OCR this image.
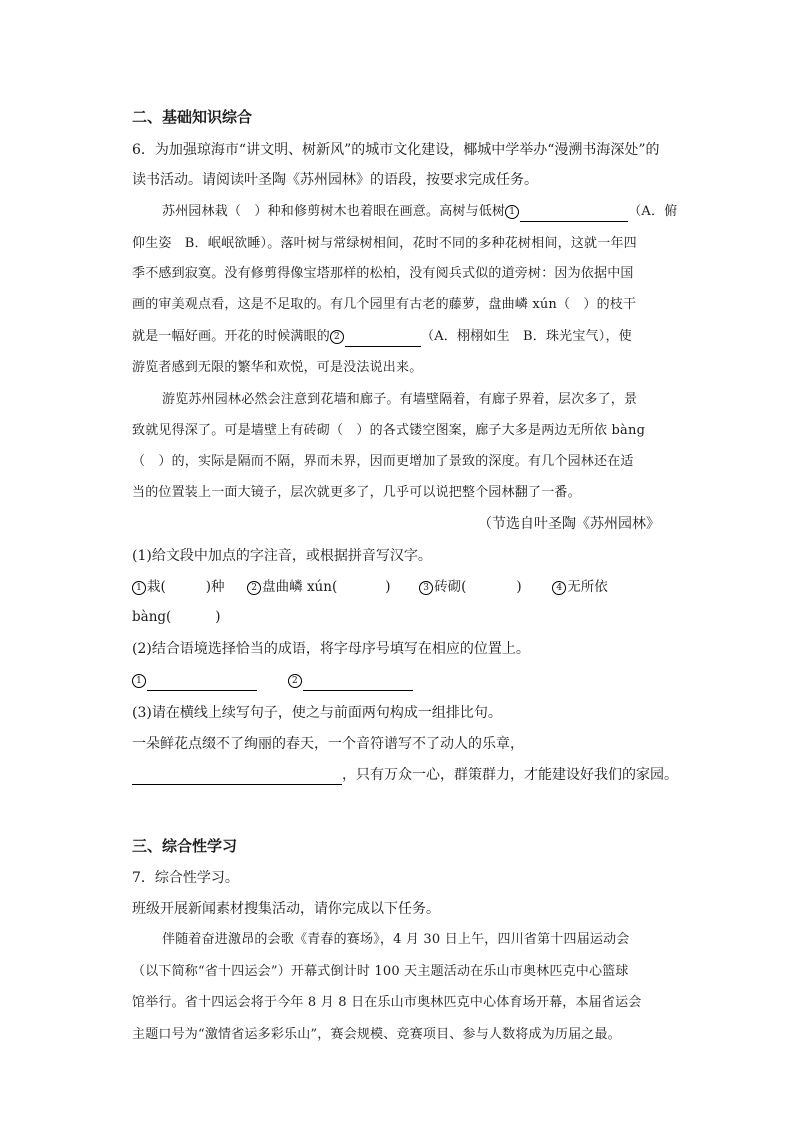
二、基础知识综合
6．为加强琼海市“讲文明、树新风”的城市文化建设，椰城中学举办“漫溯书海深处”的
读书活动。请阅读叶圣陶《苏州园林》的语段，按要求完成任务。
苏州园林栽（　）种和修剪树木也着眼在画意。高树与低树 1	（A．俯
仰生姿　B．岷岷欲睡）。落叶树与常绿树相间，花时不同的多种花树相间，这就一年四
季不感到寂寞。没有修剪得像宝塔那样的松柏，没有阅兵式似的道旁树：因为依据中国
画的审美观点看，这是不足取的。有几个园里有古老的藤萝，盘曲嶙 xún（　）的枝干
就是一幅好画。开花的时候满眼的 2	（A．栩栩如生　B．珠光宝气），使
游览者感到无限的繁华和欢悦，可是没法说出来。
游览苏州园林必然会注意到花墙和廊子。有墙壁隔着，有廊子界着，层次多了，景
致就见得深了。可是墙壁上有砖砌（　）的各式镂空图案，廊子大多是两边无所依 bàng
（　）的，实际是隔而不隔，界而未界，因而更增加了景致的深度。有几个园林还在适
当的位置装上一面大镜子，层次就更多了，几乎可以说把整个园林翻了一番。
（节选自叶圣陶《苏州园林》
(1)给文段中加点的字注音，或根据拼音写汉字。
1 栽(	)种	2 盘曲嶙 xún(	)	3 砖砌(	)	4 无所依
bàng(	)
(2)结合语境选择恰当的成语，将字母序号填写在相应的位置上。
1	2
(3)请在横线上续写句子，使之与前面两句构成一组排比句。
一朵鲜花点缀不了绚丽的春天，一个音符谱写不了动人的乐章，
，只有万众一心，群策群力，才能建设好我们的家园。
三、综合性学习
7．综合性学习。
班级开展新闻素材搜集活动，请你完成以下任务。
伴随着奋进激昂的会歌《青春的赛场》，4 月 30 日上午，四川省第十四届运动会
（以下简称“省十四运会”）开幕式倒计时 100 天主题活动在乐山市奥林匹克中心篮球
馆举行。省十四运会将于今年 8 月 8 日在乐山市奥林匹克中心体育场开幕，本届省运会
主题口号为“激情省运多彩乐山”，赛会规模、竞赛项目、参与人数将成为历届之最。
